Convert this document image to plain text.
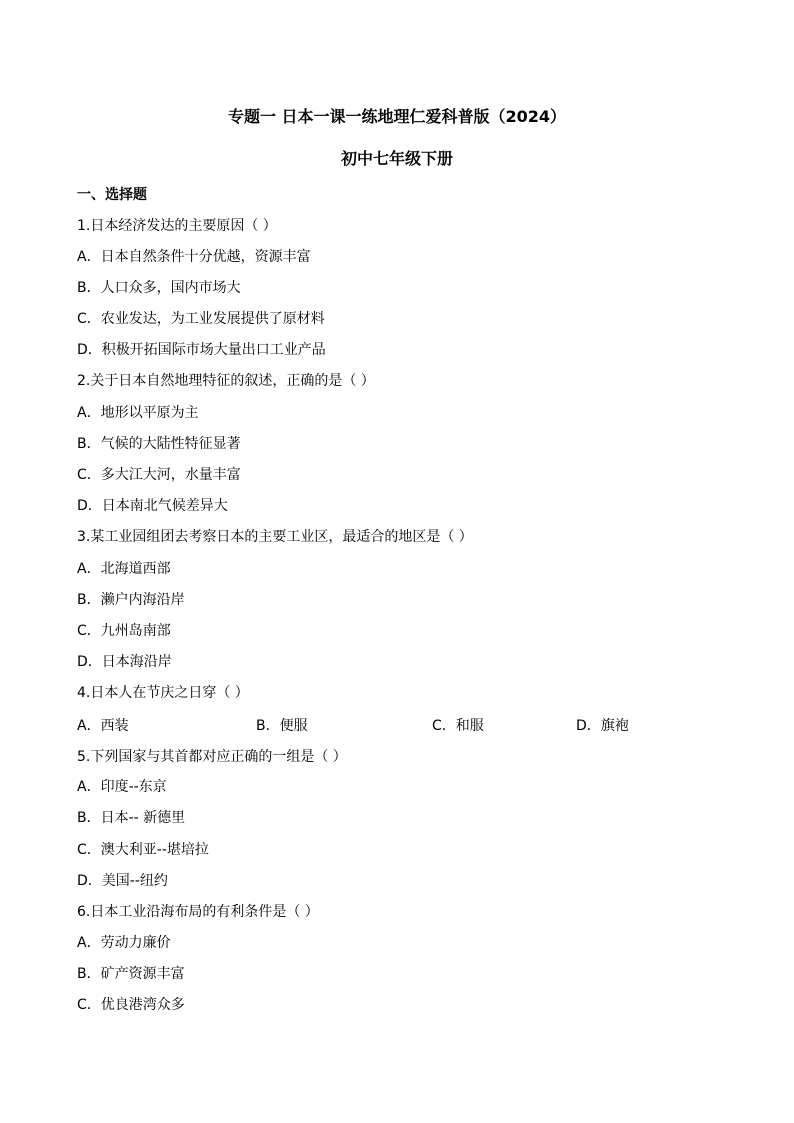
专题一 日本一课一练地理仁爱科普版（2024）
初中七年级下册
一、选择题
1.日本经济发达的主要原因（ ）
A．日本自然条件十分优越，资源丰富
B．人口众多，国内市场大
C．农业发达，为工业发展提供了原材料
D．积极开拓国际市场大量出口工业产品
2.关于日本自然地理特征的叙述，正确的是（ ）
A．地形以平原为主
B．气候的大陆性特征显著
C．多大江大河，水量丰富
D．日本南北气候差异大
3.某工业园组团去考察日本的主要工业区，最适合的地区是（ ）
A．北海道西部
B．濑户内海沿岸
C．九州岛南部
D．日本海沿岸
4.日本人在节庆之日穿（ ）
A．西装	B．便服	C．和服	D．旗袍
5.下列国家与其首都对应正确的一组是（ ）
A．印度--东京
B．日本-- 新德里
C．澳大利亚--堪培拉
D．美国--纽约
6.日本工业沿海布局的有利条件是（ ）
A．劳动力廉价
B．矿产资源丰富
C．优良港湾众多
